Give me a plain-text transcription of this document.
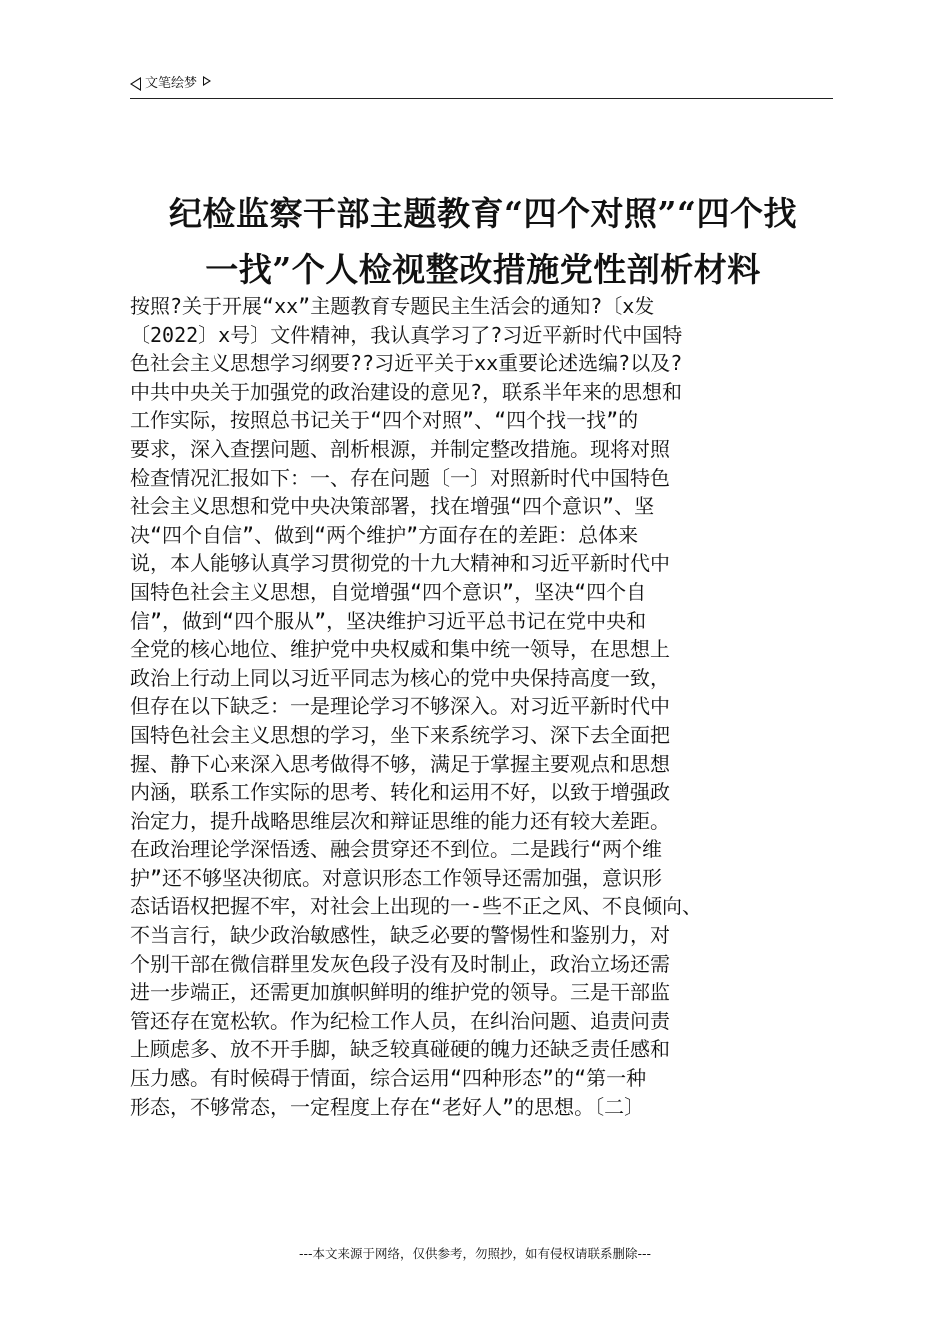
文笔绘梦
纪检监察干部主题教育“四个对照”“四个找
一找”个人检视整改措施党性剖析材料
按照?关于开展“xx”主题教育专题民主生活会的通知?〔x发
〔2022〕x号〕文件精神，我认真学习了?习近平新时代中国特
色社会主义思想学习纲要??习近平关于xx重要论述选编?以及?
中共中央关于加强党的政治建设的意见?，联系半年来的思想和
工作实际，按照总书记关于“四个对照”、“四个找一找”的
要求，深入查摆问题、剖析根源，并制定整改措施。现将对照
检查情况汇报如下：一、存在问题〔一〕对照新时代中国特色
社会主义思想和党中央决策部署，找在增强“四个意识”、坚
决“四个自信”、做到“两个维护”方面存在的差距：总体来
说，本人能够认真学习贯彻党的十九大精神和习近平新时代中
国特色社会主义思想，自觉增强“四个意识”，坚决“四个自
信”，做到“四个服从”，坚决维护习近平总书记在党中央和
全党的核心地位、维护党中央权威和集中统一领导，在思想上
政治上行动上同以习近平同志为核心的党中央保持高度一致，
但存在以下缺乏：一是理论学习不够深入。对习近平新时代中
国特色社会主义思想的学习，坐下来系统学习、深下去全面把
握、静下心来深入思考做得不够，满足于掌握主要观点和思想
内涵，联系工作实际的思考、转化和运用不好，以致于增强政
治定力，提升战略思维层次和辩证思维的能力还有较大差距。
在政治理论学深悟透、融会贯穿还不到位。二是践行“两个维
护”还不够坚决彻底。对意识形态工作领导还需加强，意识形
态话语权把握不牢，对社会上出现的一-些不正之风、不良倾向、
不当言行，缺少政治敏感性，缺乏必要的警惕性和鉴别力，对
个别干部在微信群里发灰色段子没有及时制止，政治立场还需
进一步端正，还需更加旗帜鲜明的维护党的领导。三是干部监
管还存在宽松软。作为纪检工作人员，在纠治问题、追责问责
上顾虑多、放不开手脚，缺乏较真碰硬的魄力还缺乏责任感和
压力感。有时候碍于情面，综合运用“四种形态”的“第一种
形态，不够常态，一定程度上存在“老好人”的思想。〔二〕
---本文来源于网络，仅供参考，勿照抄，如有侵权请联系删除---
